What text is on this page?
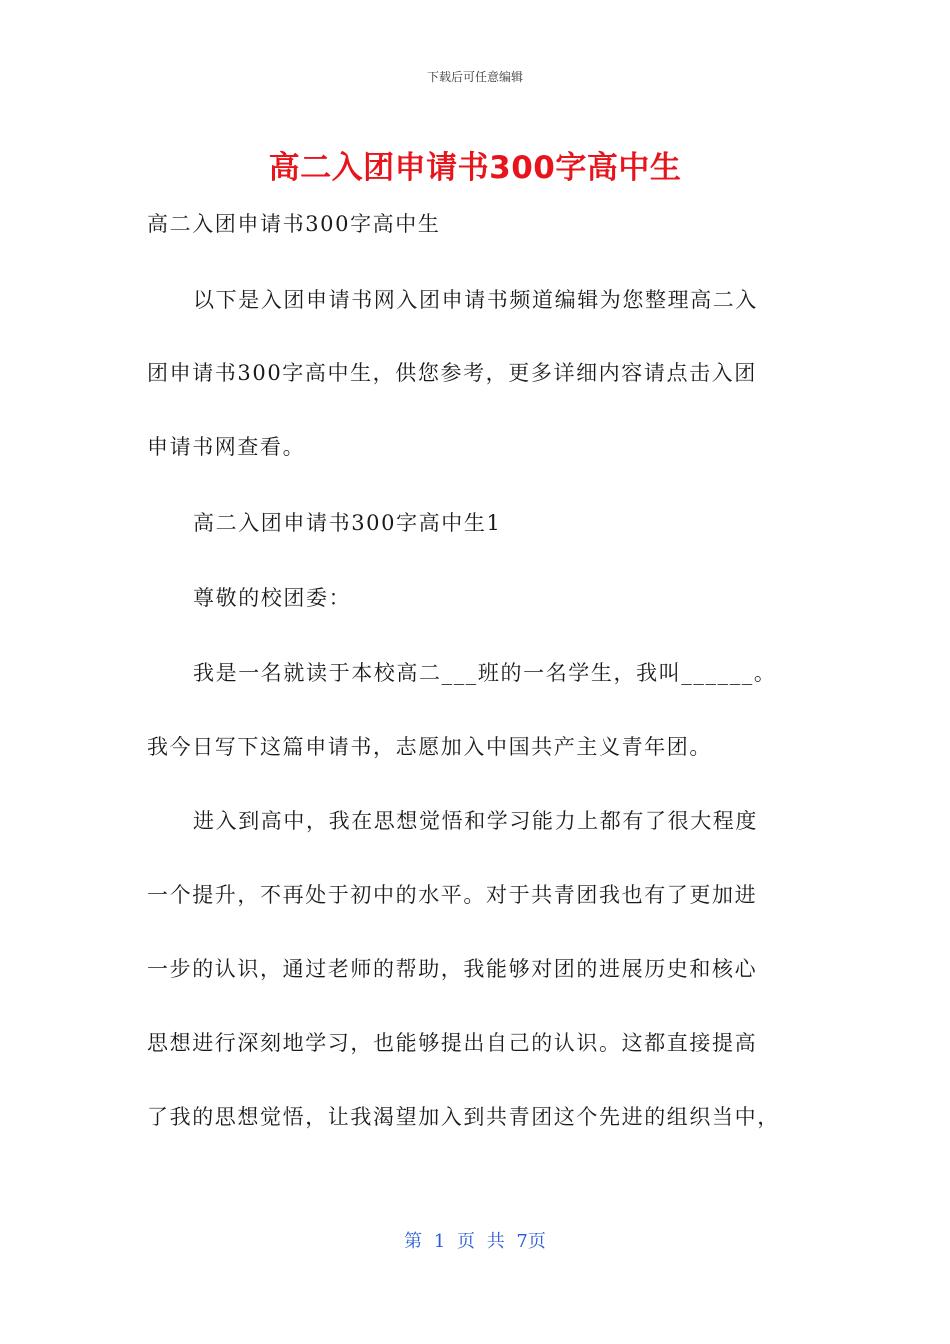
下载后可任意编辑
高二入团申请书300字高中生
高二入团申请书300字高中生
以下是入团申请书网入团申请书频道编辑为您整理高二入
团申请书300字高中生，供您参考，更多详细内容请点击入团
申请书网查看。
高二入团申请书300字高中生1
尊敬的校团委：
我是一名就读于本校高二___班的一名学生，我叫______。
我今日写下这篇申请书，志愿加入中国共产主义青年团。
进入到高中，我在思想觉悟和学习能力上都有了很大程度
一个提升，不再处于初中的水平。对于共青团我也有了更加进
一步的认识，通过老师的帮助，我能够对团的进展历史和核心
思想进行深刻地学习，也能够提出自己的认识。这都直接提高
了我的思想觉悟，让我渴望加入到共青团这个先进的组织当中，
第 1 页 共 7页
